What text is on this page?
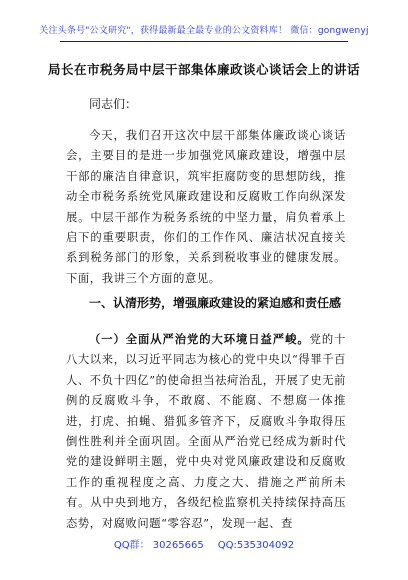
关注头条号"公文研究"，获得最新最全最专业的公文资料库！ 微信：gongwenyj
局长在市税务局中层干部集体廉政谈心谈话会上的讲话
同志们：

今天，我们召开这次中层干部集体廉政谈心谈话会，主要目的是进一步加强党风廉政建设，增强中层干部的廉洁自律意识，筑牢拒腐防变的思想防线，推动全市税务系统党风廉政建设和反腐败工作向纵深发展。中层干部作为税务系统的中坚力量，肩负着承上启下的重要职责，你们的工作作风、廉洁状况直接关系到税务部门的形象，关系到税收事业的健康发展。下面，我讲三个方面的意见。

一、认清形势，增强廉政建设的紧迫感和责任感

（一）全面从严治党的大环境日益严峻。党的十八大以来，以习近平同志为核心的党中央以“得罪千百人、不负十四亿”的使命担当祛疴治乱，开展了史无前例的反腐败斗争，不敢腐、不能腐、不想腐一体推进，打虎、拍蝇、猎狐多管齐下，反腐败斗争取得压倒性胜利并全面巩固。全面从严治党已经成为新时代党的建设鲜明主题，党中央对党风廉政建设和反腐败工作的重视程度之高、力度之大、措施之严前所未有。从中央到地方，各级纪检监察机关持续保持高压态势，对腐败问题“零容忍”，发现一起、查

QQ群： 30265665 QQ:535304092
